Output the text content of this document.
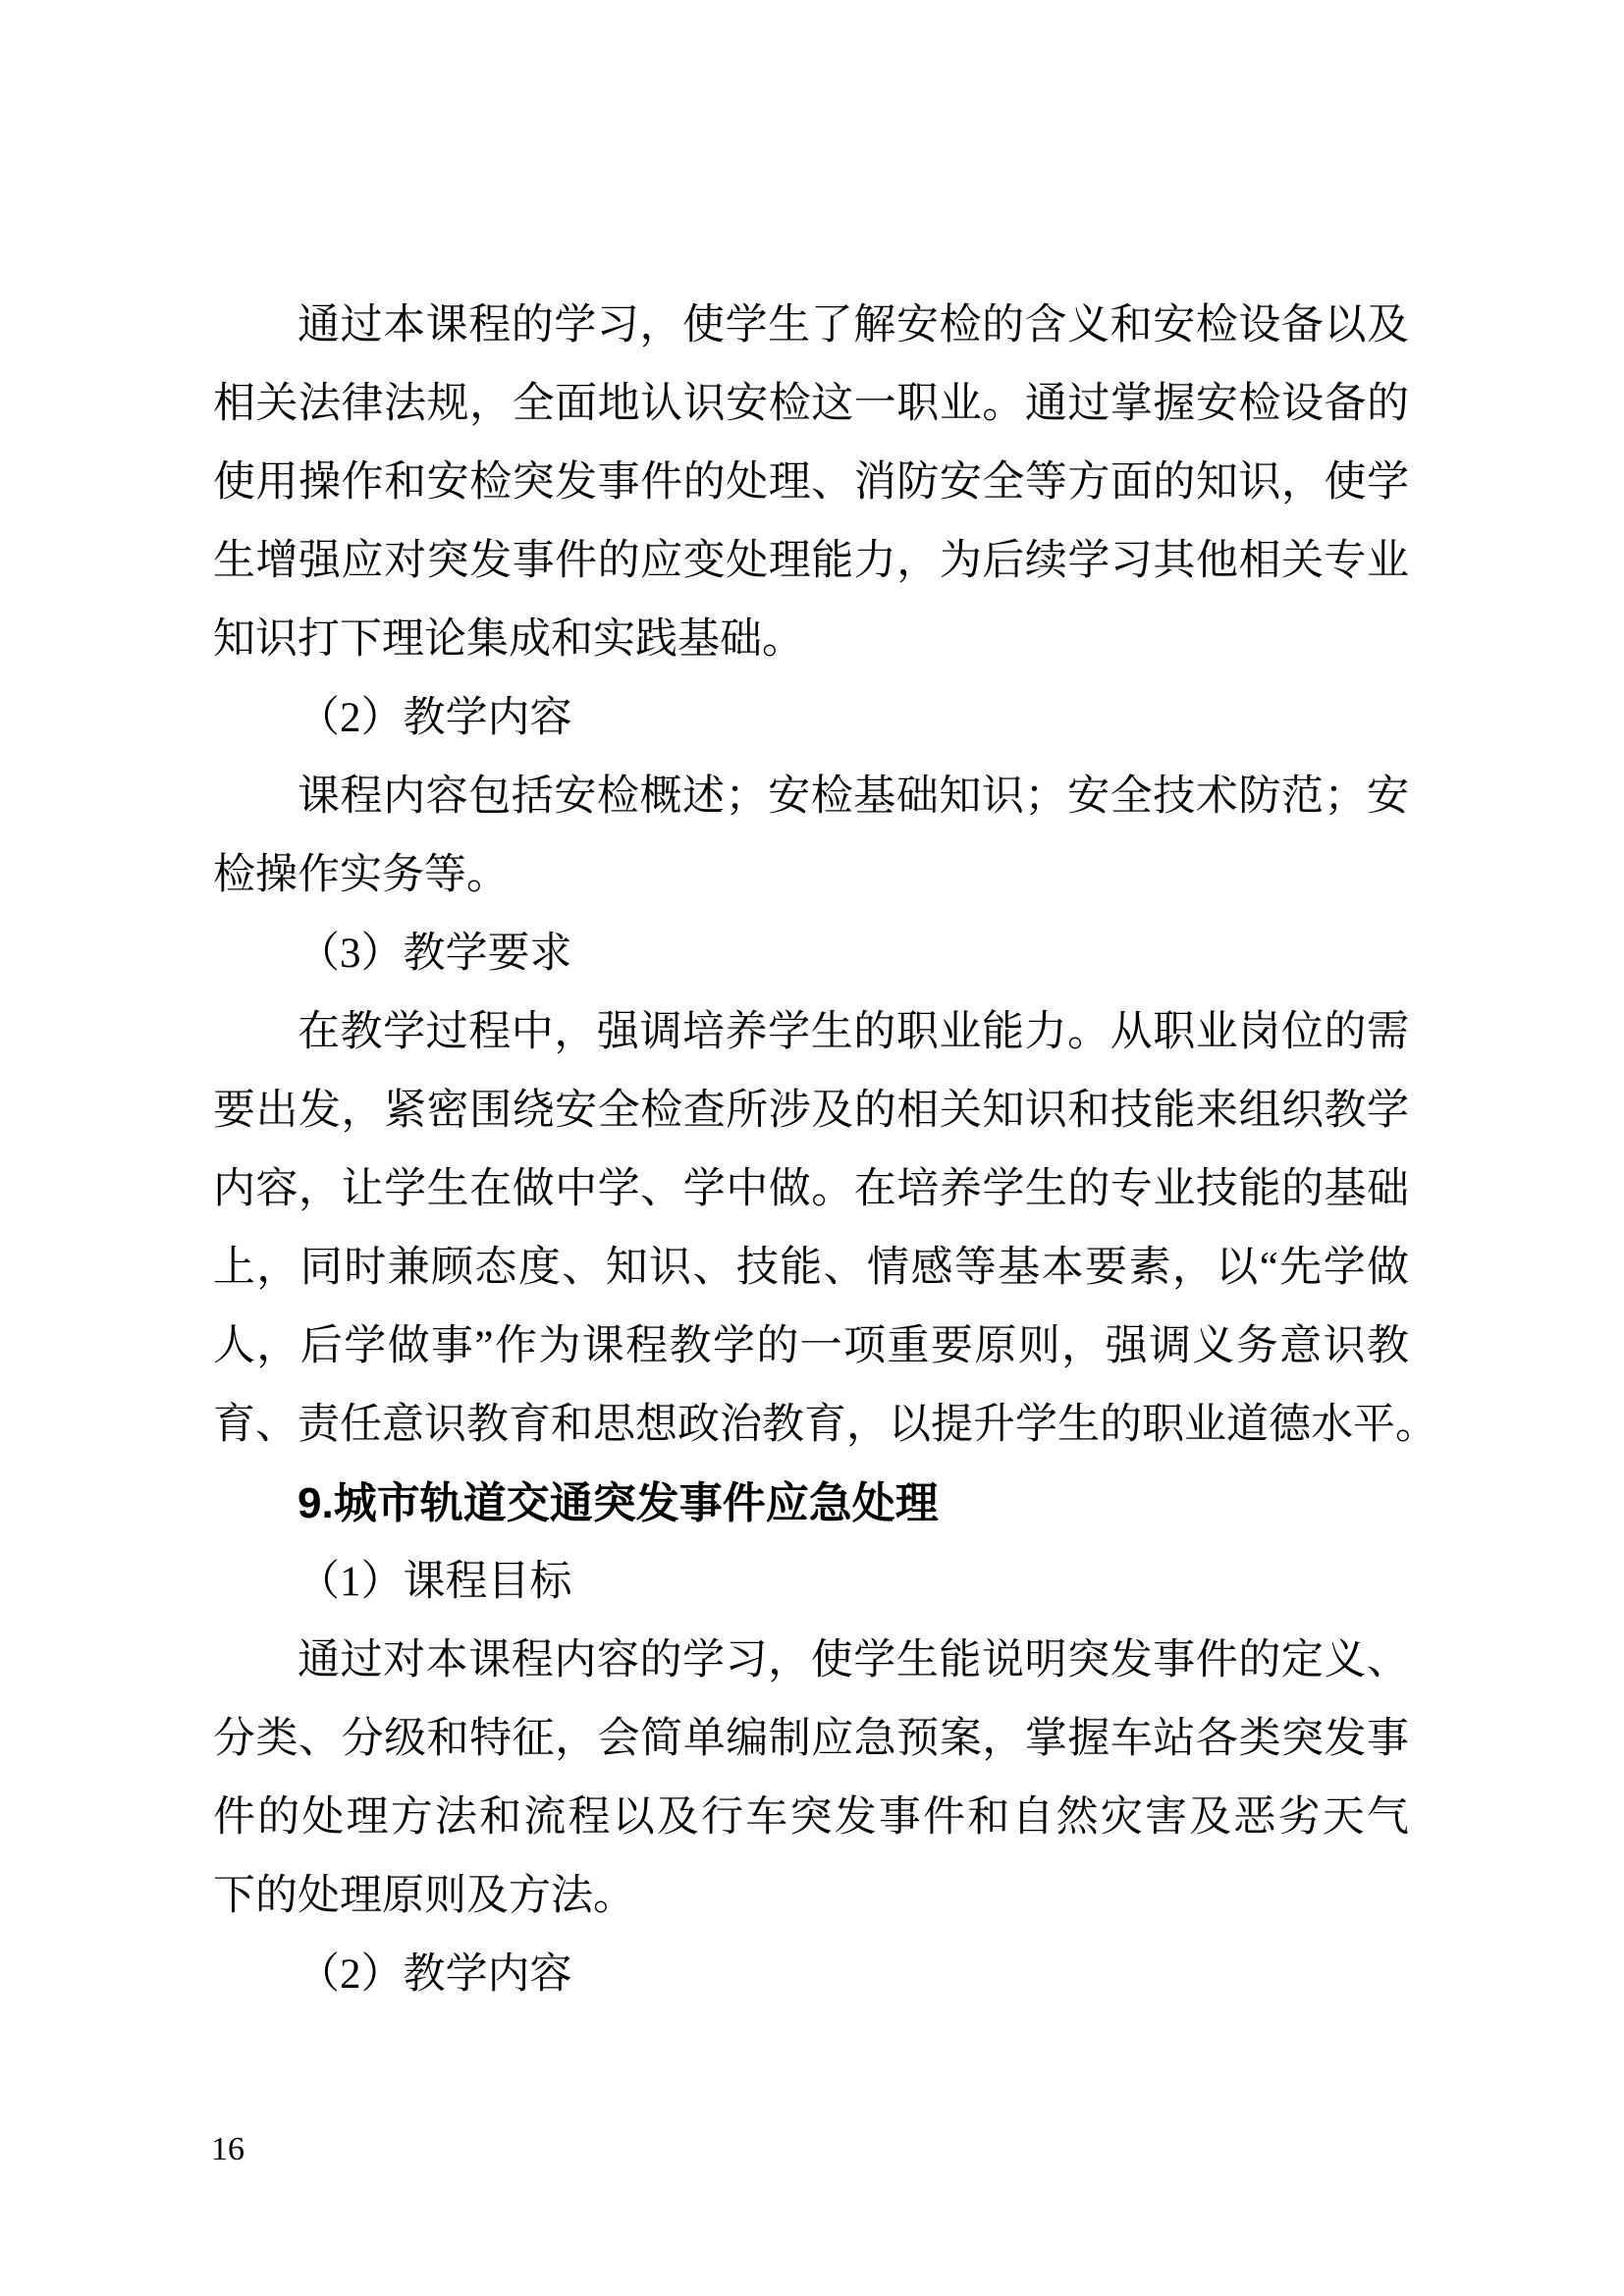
通过本课程的学习，使学生了解安检的含义和安检设备以及
相关法律法规，全面地认识安检这一职业。通过掌握安检设备的
使用操作和安检突发事件的处理、消防安全等方面的知识，使学
生增强应对突发事件的应变处理能力，为后续学习其他相关专业
知识打下理论集成和实践基础。
（2）教学内容
课程内容包括安检概述；安检基础知识；安全技术防范；安
检操作实务等。
（3）教学要求
在教学过程中，强调培养学生的职业能力。从职业岗位的需
要出发，紧密围绕安全检查所涉及的相关知识和技能来组织教学
内容，让学生在做中学、学中做。在培养学生的专业技能的基础
上，同时兼顾态度、知识、技能、情感等基本要素，以“先学做
人，后学做事”作为课程教学的一项重要原则，强调义务意识教
育、责任意识教育和思想政治教育，以提升学生的职业道德水平。
9.城市轨道交通突发事件应急处理
（1）课程目标
通过对本课程内容的学习，使学生能说明突发事件的定义、
分类、分级和特征，会简单编制应急预案，掌握车站各类突发事
件的处理方法和流程以及行车突发事件和自然灾害及恶劣天气
下的处理原则及方法。
（2）教学内容
16
